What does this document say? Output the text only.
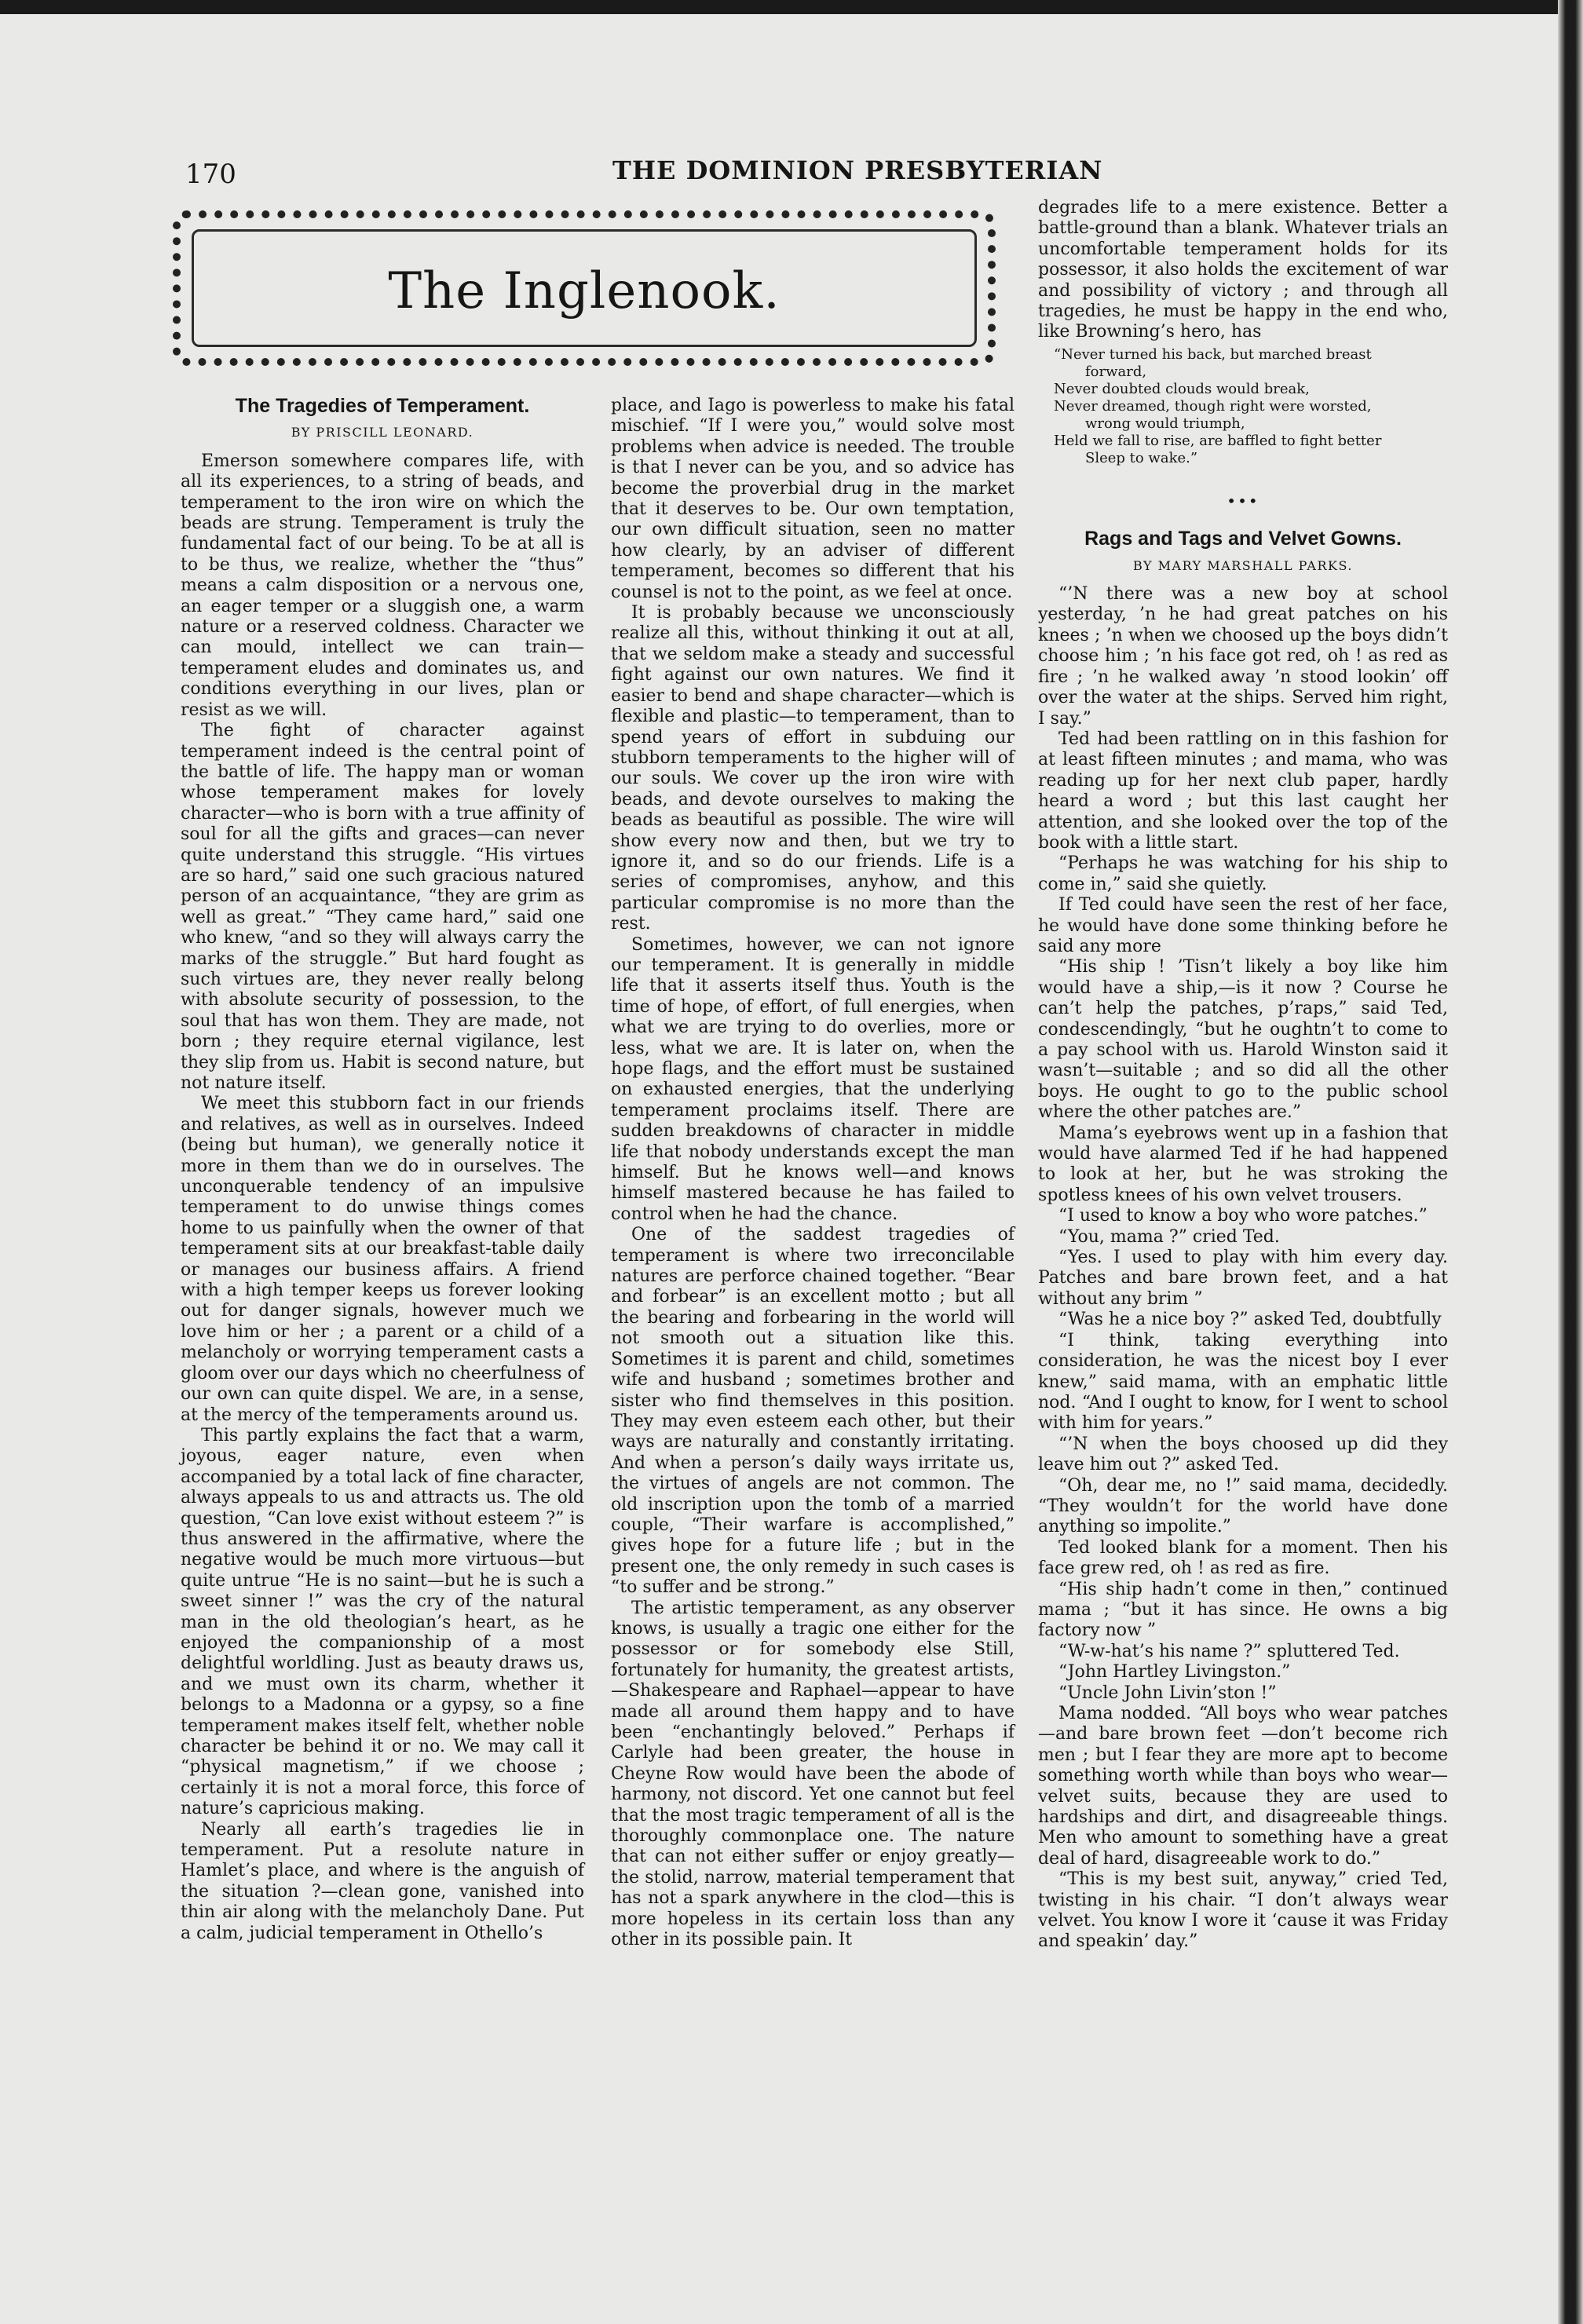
170	THE DOMINION PRESBYTERIAN
The Inglenook.
The Tragedies of Temperament.

BY PRISCILL LEONARD.

Emerson somewhere compares life, with all its experiences, to a string of beads, and temperament to the iron wire on which the beads are strung. Temperament is truly the fundamental fact of our being. To be at all is to be thus, we realize, whether the “thus” means a calm disposition or a nervous one, an eager temper or a sluggish one, a warm nature or a reserved coldness. Character we can mould, intellect we can train—temperament eludes and dominates us, and conditions everything in our lives, plan or resist as we will.

The fight of character against temperament indeed is the central point of the battle of life. The happy man or woman whose temperament makes for lovely character—who is born with a true affinity of soul for all the gifts and graces—can never quite understand this struggle. “His virtues are so hard,” said one such gracious natured person of an acquaintance, “they are grim as well as great.” “They came hard,” said one who knew, “and so they will always carry the marks of the struggle.” But hard fought as such virtues are, they never really belong with absolute security of possession, to the soul that has won them. They are made, not born ; they require eternal vigilance, lest they slip from us. Habit is second nature, but not nature itself.

We meet this stubborn fact in our friends and relatives, as well as in ourselves. Indeed (being but human), we generally notice it more in them than we do in ourselves. The unconquerable tendency of an impulsive temperament to do unwise things comes home to us painfully when the owner of that temperament sits at our breakfast-table daily or manages our business affairs. A friend with a high temper keeps us forever looking out for danger signals, however much we love him or her ; a parent or a child of a melancholy or worrying temperament casts a gloom over our days which no cheerfulness of our own can quite dispel. We are, in a sense, at the mercy of the temperaments around us.

This partly explains the fact that a warm, joyous, eager nature, even when accompanied by a total lack of fine character, always appeals to us and attracts us. The old question, “Can love exist without esteem ?” is thus answered in the affirmative, where the negative would be much more virtuous—but quite untrue “He is no saint—but he is such a sweet sinner !” was the cry of the natural man in the old theologian’s heart, as he enjoyed the companionship of a most delightful worldling. Just as beauty draws us, and we must own its charm, whether it belongs to a Madonna or a gypsy, so a fine temperament makes itself felt, whether noble character be behind it or no. We may call it “physical magnetism,” if we choose ; certainly it is not a moral force, this force of nature’s capricious making.

Nearly all earth’s tragedies lie in temperament. Put a resolute nature in Hamlet’s place, and where is the anguish of the situation ?—clean gone, vanished into thin air along with the melancholy Dane. Put a calm, judicial temperament in Othello’s

place, and Iago is powerless to make his fatal mischief. “If I were you,” would solve most problems when advice is needed. The trouble is that I never can be you, and so advice has become the proverbial drug in the market that it deserves to be. Our own temptation, our own difficult situation, seen no matter how clearly, by an adviser of different temperament, becomes so different that his counsel is not to the point, as we feel at once.

It is probably because we unconsciously realize all this, without thinking it out at all, that we seldom make a steady and successful fight against our own natures. We find it easier to bend and shape character—which is flexible and plastic—to temperament, than to spend years of effort in subduing our stubborn temperaments to the higher will of our souls. We cover up the iron wire with beads, and devote ourselves to making the beads as beautiful as possible. The wire will show every now and then, but we try to ignore it, and so do our friends. Life is a series of compromises, anyhow, and this particular compromise is no more than the rest.

Sometimes, however, we can not ignore our temperament. It is generally in middle life that it asserts itself thus. Youth is the time of hope, of effort, of full energies, when what we are trying to do overlies, more or less, what we are. It is later on, when the hope flags, and the effort must be sustained on exhausted energies, that the underlying temperament proclaims itself. There are sudden breakdowns of character in middle life that nobody understands except the man himself. But he knows well—and knows himself mastered because he has failed to control when he had the chance.

One of the saddest tragedies of temperament is where two irreconcilable natures are perforce chained together. “Bear and forbear” is an excellent motto ; but all the bearing and forbearing in the world will not smooth out a situation like this. Sometimes it is parent and child, sometimes wife and husband ; sometimes brother and sister who find themselves in this position. They may even esteem each other, but their ways are naturally and constantly irritating. And when a person’s daily ways irritate us, the virtues of angels are not common. The old inscription upon the tomb of a married couple, “Their warfare is accomplished,” gives hope for a future life ; but in the present one, the only remedy in such cases is “to suffer and be strong.”

The artistic temperament, as any observer knows, is usually a tragic one either for the possessor or for somebody else Still, fortunately for humanity, the greatest artists,—Shakespeare and Raphael—appear to have made all around them happy and to have been “enchantingly beloved.” Perhaps if Carlyle had been greater, the house in Cheyne Row would have been the abode of harmony, not discord. Yet one cannot but feel that the most tragic temperament of all is the thoroughly commonplace one. The nature that can not either suffer or enjoy greatly—the stolid, narrow, material temperament that has not a spark anywhere in the clod—this is more hopeless in its certain loss than any other in its possible pain. It

degrades life to a mere existence. Better a battle-ground than a blank. Whatever trials an uncomfortable temperament holds for its possessor, it also holds the excitement of war and possibility of victory ; and through all tragedies, he must be happy in the end who, like Browning’s hero, has

“Never turned his back, but marched breast

forward,

Never doubted clouds would break,

Never dreamed, though right were worsted,

wrong would triumph,

Held we fall to rise, are baffled to fight better

Sleep to wake.”

•••

Rags and Tags and Velvet Gowns.

BY MARY MARSHALL PARKS.

“’N there was a new boy at school yesterday, ’n he had great patches on his knees ; ’n when we choosed up the boys didn’t choose him ; ’n his face got red, oh ! as red as fire ; ’n he walked away ’n stood lookin’ off over the water at the ships. Served him right, I say.”

Ted had been rattling on in this fashion for at least fifteen minutes ; and mama, who was reading up for her next club paper, hardly heard a word ; but this last caught her attention, and she looked over the top of the book with a little start.

“Perhaps he was watching for his ship to come in,” said she quietly.

If Ted could have seen the rest of her face, he would have done some thinking before he said any more

“His ship ! ’Tisn’t likely a boy like him would have a ship,—is it now ? Course he can’t help the patches, p’raps,” said Ted, condescendingly, “but he oughtn’t to come to a pay school with us. Harold Winston said it wasn’t—suitable ; and so did all the other boys. He ought to go to the public school where the other patches are.”

Mama’s eyebrows went up in a fashion that would have alarmed Ted if he had happened to look at her, but he was stroking the spotless knees of his own velvet trousers.

“I used to know a boy who wore patches.”

“You, mama ?” cried Ted.

“Yes. I used to play with him every day. Patches and bare brown feet, and a hat without any brim ”

“Was he a nice boy ?” asked Ted, doubtfully

“I think, taking everything into consideration, he was the nicest boy I ever knew,” said mama, with an emphatic little nod. “And I ought to know, for I went to school with him for years.”

“’N when the boys choosed up did they leave him out ?” asked Ted.

“Oh, dear me, no !” said mama, decidedly. “They wouldn’t for the world have done anything so impolite.”

Ted looked blank for a moment. Then his face grew red, oh ! as red as fire.

“His ship hadn’t come in then,” continued mama ; “but it has since. He owns a big factory now ”

“W-w-hat’s his name ?” spluttered Ted.

“John Hartley Livingston.”

“Uncle John Livin’ston !”

Mama nodded. “All boys who wear patches—and bare brown feet —don’t become rich men ; but I fear they are more apt to become something worth while than boys who wear—velvet suits, because they are used to hardships and dirt, and disagreeable things. Men who amount to something have a great deal of hard, disagreeable work to do.”

“This is my best suit, anyway,” cried Ted, twisting in his chair. “I don’t always wear velvet. You know I wore it ‘cause it was Friday and speakin’ day.”
